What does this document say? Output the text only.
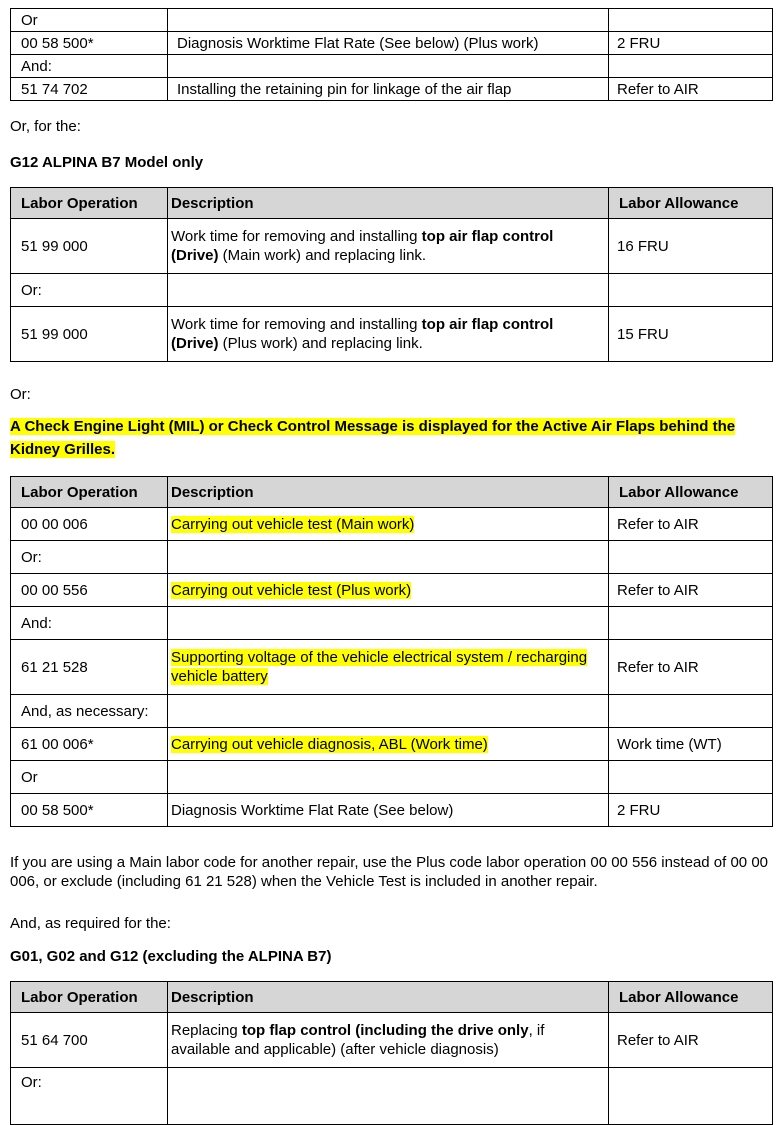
Or		
00 58 500*	Diagnosis Worktime Flat Rate (See below) (Plus work)	2 FRU
And:		
51 74 702	Installing the retaining pin for linkage of the air flap	Refer to AIR

Or, for the:

G12 ALPINA B7 Model only

Labor Operation	Description	Labor Allowance
51 99 000	Work time for removing and installing top air flap control (Drive) (Main work) and replacing link.	16 FRU
Or:		
51 99 000	Work time for removing and installing top air flap control (Drive) (Plus work) and replacing link.	15 FRU

Or:

A Check Engine Light (MIL) or Check Control Message is displayed for the Active Air Flaps behind the Kidney Grilles.

Labor Operation	Description	Labor Allowance
00 00 006	Carrying out vehicle test (Main work)	Refer to AIR
Or:		
00 00 556	Carrying out vehicle test (Plus work)	Refer to AIR
And:		
61 21 528	Supporting voltage of the vehicle electrical system / recharging vehicle battery	Refer to AIR
And, as necessary:		
61 00 006*	Carrying out vehicle diagnosis, ABL (Work time)	Work time (WT)
Or		
00 58 500*	Diagnosis Worktime Flat Rate (See below)	2 FRU

If you are using a Main labor code for another repair, use the Plus code labor operation 00 00 556 instead of 00 00 006, or exclude (including 61 21 528) when the Vehicle Test is included in another repair.

And, as required for the:

G01, G02 and G12 (excluding the ALPINA B7)

Labor Operation	Description	Labor Allowance
51 64 700	Replacing top flap control (including the drive only, if available and applicable) (after vehicle diagnosis)	Refer to AIR
Or:		
